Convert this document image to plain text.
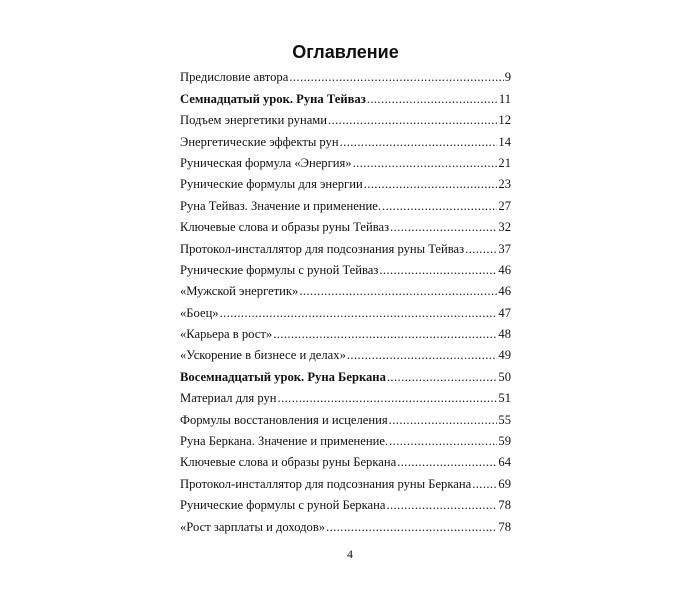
Оглавление
Предисловие автора .....	9
Семнадцатый урок. Руна Тейваз .....	11
Подъем энергетики рунами .....	12
Энергетические эффекты рун .....	14
Руническая формула «Энергия» .....	21
Рунические формулы для энергии .....	23
Руна Тейваз. Значение и применение. .....	27
Ключевые слова и образы руны Тейваз .....	32
Протокол-инсталлятор для подсознания руны Тейваз .....	37
Рунические формулы с руной Тейваз .....	46
«Мужской энергетик» .....	46
«Боец» .....	47
«Карьера в рост» .....	48
«Ускорение в бизнесе и делах» .....	49
Восемнадцатый урок. Руна Беркана .....	50
Материал для рун .....	51
Формулы восстановления и исцеления .....	55
Руна Беркана. Значение и применение. .....	59
Ключевые слова и образы руны Беркана .....	64
Протокол-инсталлятор для подсознания руны Беркана ..... 69
Рунические формулы с руной Беркана .....	78
«Рост зарплаты и доходов» .....	78
4
